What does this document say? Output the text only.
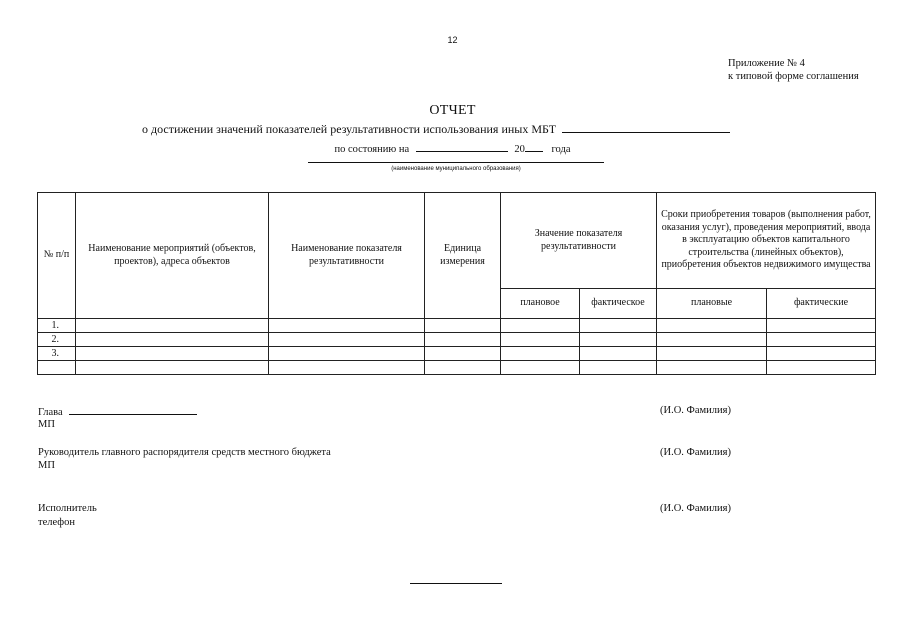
12
Приложение № 4
к типовой форме соглашения
ОТЧЕТ
о достижении значений показателей результативности использования иных МБТ
по состоянию на	20	года
(наименование муниципального образования)
№ п/п	Наименование мероприятий (объектов, проектов), адреса объектов	Наименование показателя результативности	Единица измерения	Значение показателя результативности		Сроки приобретения товаров (выполнения работ, оказания услуг), проведения мероприятий, ввода в эксплуатацию объектов капитального строительства (линейных объектов), приобретения объектов недвижимого имущества	
				плановое	фактическое	плановые	фактические
1.							
2.							
3.							

Глава
МП
(И.О. Фамилия)
Руководитель главного распорядителя средств местного бюджета
МП
(И.О. Фамилия)
Исполнитель
телефон
(И.О. Фамилия)
